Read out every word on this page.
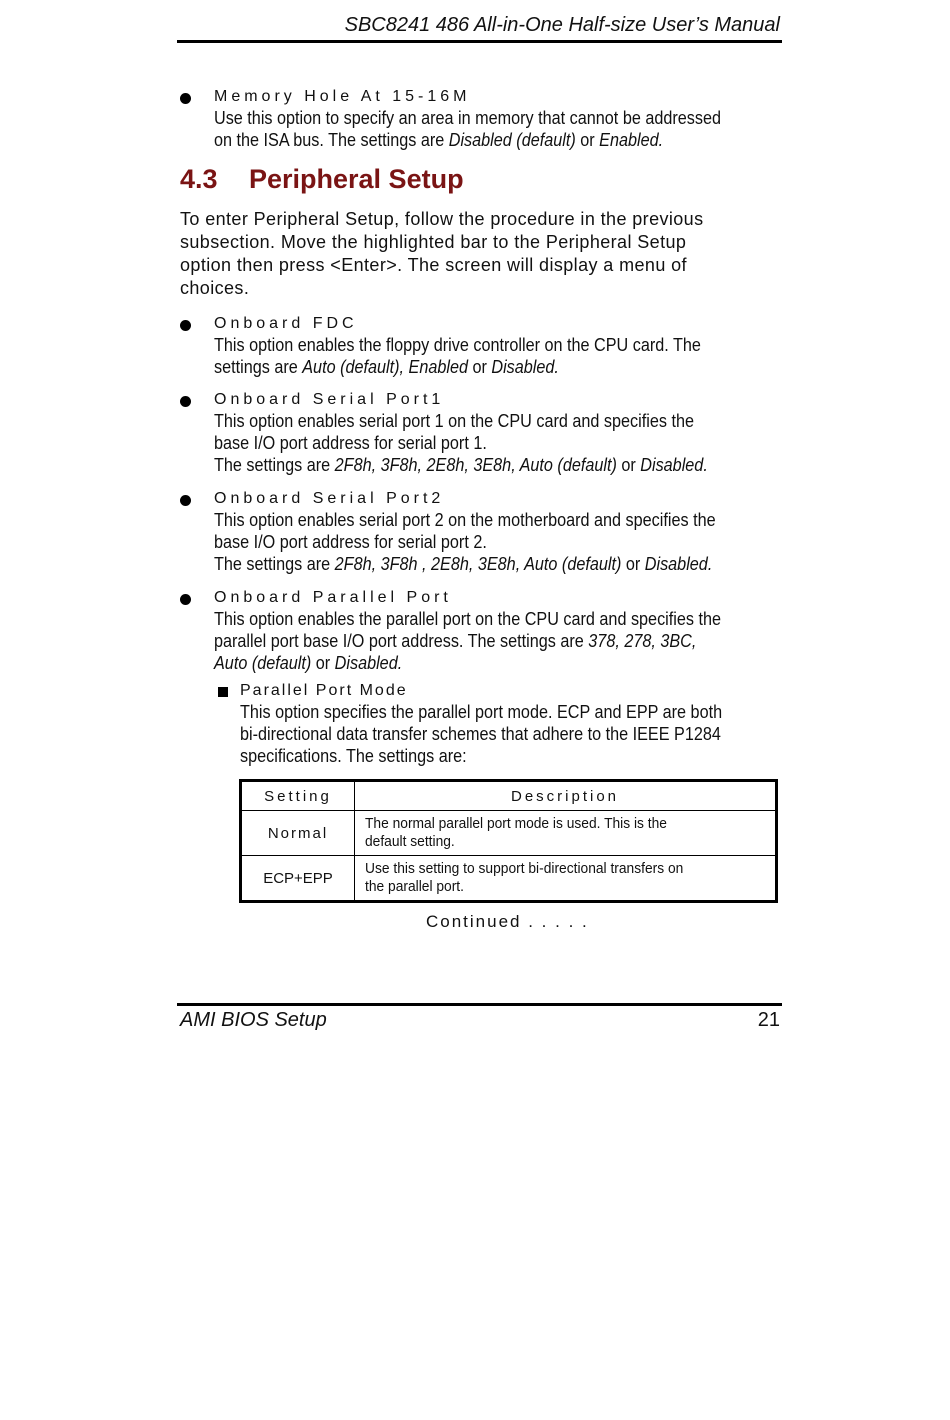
SBC8241 486 All-in-One Half-size User’s Manual
Memory Hole At 15-16M
Use this option to specify an area in memory that cannot be addressed
on the ISA bus. The settings are Disabled (default) or Enabled.
4.3 Peripheral Setup
To enter Peripheral Setup, follow the procedure in the previous
subsection. Move the highlighted bar to the Peripheral Setup
option then press <Enter>. The screen will display a menu of
choices.
Onboard FDC
This option enables the floppy drive controller on the CPU card. The
settings are Auto (default), Enabled or Disabled.
Onboard Serial Port1
This option enables serial port 1 on the CPU card and specifies the
base I/O port address for serial port 1.
The settings are 2F8h, 3F8h, 2E8h, 3E8h, Auto (default) or Disabled.
Onboard Serial Port2
This option enables serial port 2 on the motherboard and specifies the
base I/O port address for serial port 2.
The settings are 2F8h, 3F8h , 2E8h, 3E8h, Auto (default) or Disabled.
Onboard Parallel Port
This option enables the parallel port on the CPU card and specifies the
parallel port base I/O port address. The settings are 378, 278, 3BC,
Auto (default) or Disabled.
Parallel Port Mode
This option specifies the parallel port mode. ECP and EPP are both
bi-directional data transfer schemes that adhere to the IEEE P1284
specifications. The settings are:
Setting	Description
Normal	The normal parallel port mode is used. This is the
default setting.
ECP+EPP	Use this setting to support bi-directional transfers on
the parallel port.
Continued . . . . .
AMI BIOS Setup	21
